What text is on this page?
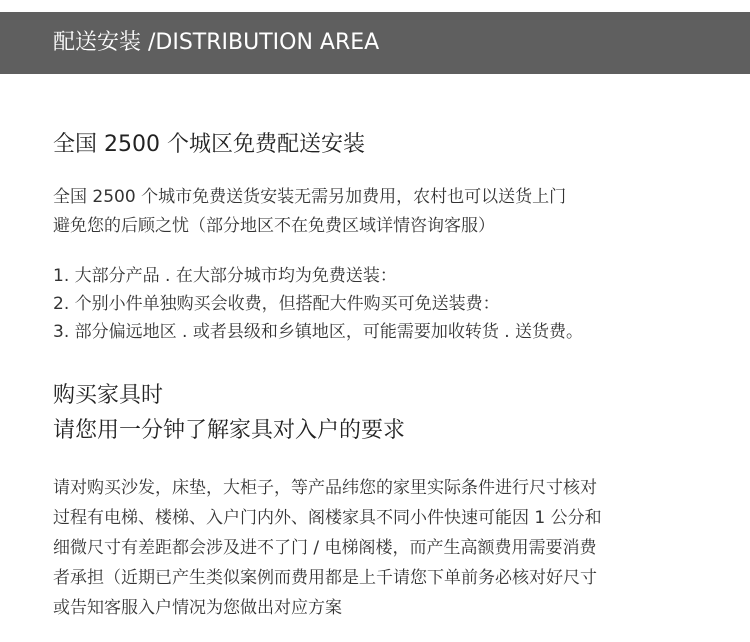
配送安装 /DISTRIBUTION AREA
全国 2500 个城区免费配送安装
全国 2500 个城市免费送货安装无需另加费用，农村也可以送货上门
避免您的后顾之忧（部分地区不在免费区域详情咨询客服）
1. 大部分产品 . 在大部分城市均为免费送装：
2. 个别小件单独购买会收费，但搭配大件购买可免送装费：
3. 部分偏远地区 . 或者县级和乡镇地区，可能需要加收转货 . 送货费。
购买家具时
请您用一分钟了解家具对入户的要求
请对购买沙发，床垫，大柜子，等产品纬您的家里实际条件进行尺寸核对
过程有电梯、楼梯、入户门内外、阁楼家具不同小件快速可能因 1 公分和
细微尺寸有差距都会涉及进不了门 / 电梯阁楼，而产生高额费用需要消费
者承担（近期已产生类似案例而费用都是上千请您下单前务必核对好尺寸
或告知客服入户情况为您做出对应方案
